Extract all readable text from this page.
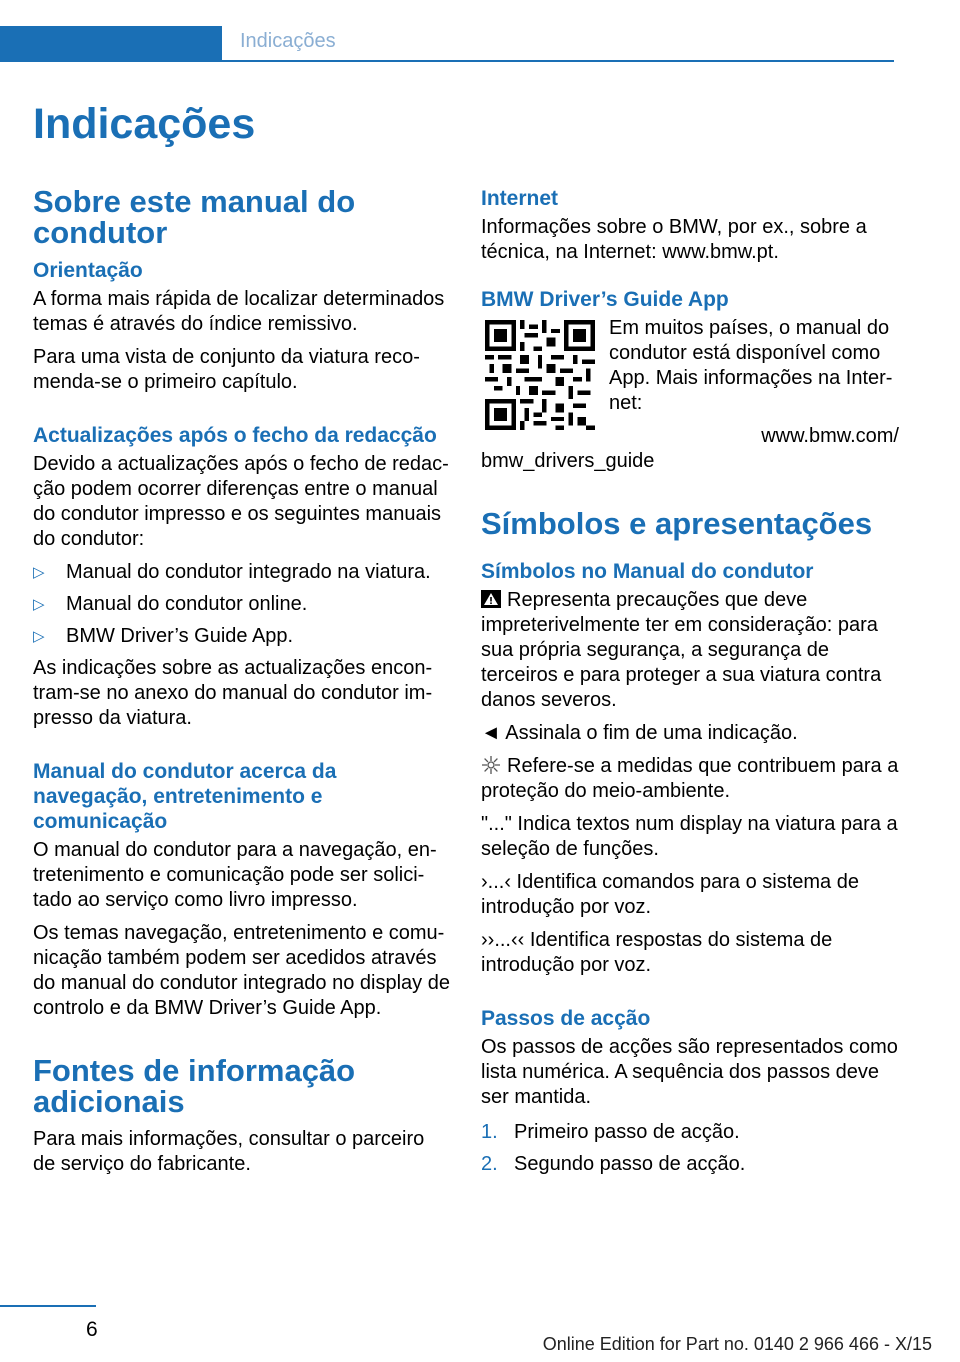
Indicações
Indicações
Sobre este manual do condutor
Orientação

A forma mais rápida de localizar determinados temas é através do índice remissivo.

Para uma vista de conjunto da viatura reco-menda-se o primeiro capítulo.

Actualizações após o fecho da redacção

Devido a actualizações após o fecho de redac-ção podem ocorrer diferenças entre o manual do condutor impresso e os seguintes manuais do condutor:

▷ Manual do condutor integrado na viatura.
▷ Manual do condutor online.
▷ BMW Driver’s Guide App.

As indicações sobre as actualizações encon-tram-se no anexo do manual do condutor im-presso da viatura.

Manual do condutor acerca da navegação, entretenimento e comunicação

O manual do condutor para a navegação, en-tretenimento e comunicação pode ser solici-tado ao serviço como livro impresso.

Os temas navegação, entretenimento e comu-nicação também podem ser acedidos através do manual do condutor integrado no display de controlo e da BMW Driver’s Guide App.

Fontes de informação adicionais

Para mais informações, consultar o parceiro de serviço do fabricante.

Internet

Informações sobre o BMW, por ex., sobre a técnica, na Internet: www.bmw.pt.

BMW Driver’s Guide App

Em muitos países, o manual do condutor está disponível como App. Mais informações na Inter-net:

www.bmw.com/ bmw_drivers_guide

Símbolos e apresentações
Símbolos no Manual do condutor

Representa precauções que deve impreterivelmente ter em consideração: para sua própria segurança, a segurança de terceiros e para proteger a sua viatura contra danos severos.

◄ Assinala o fim de uma indicação.

Refere-se a medidas que contribuem para a proteção do meio-ambiente.

"..." Indica textos num display na viatura para a seleção de funções.

›...‹ Identifica comandos para o sistema de introdução por voz.

››...‹‹ Identifica respostas do sistema de introdução por voz.

Passos de acção

Os passos de acções são representados como lista numérica. A sequência dos passos deve ser mantida.

1. Primeiro passo de acção.
2. Segundo passo de acção.
6
Online Edition for Part no. 0140 2 966 466 - X/15
